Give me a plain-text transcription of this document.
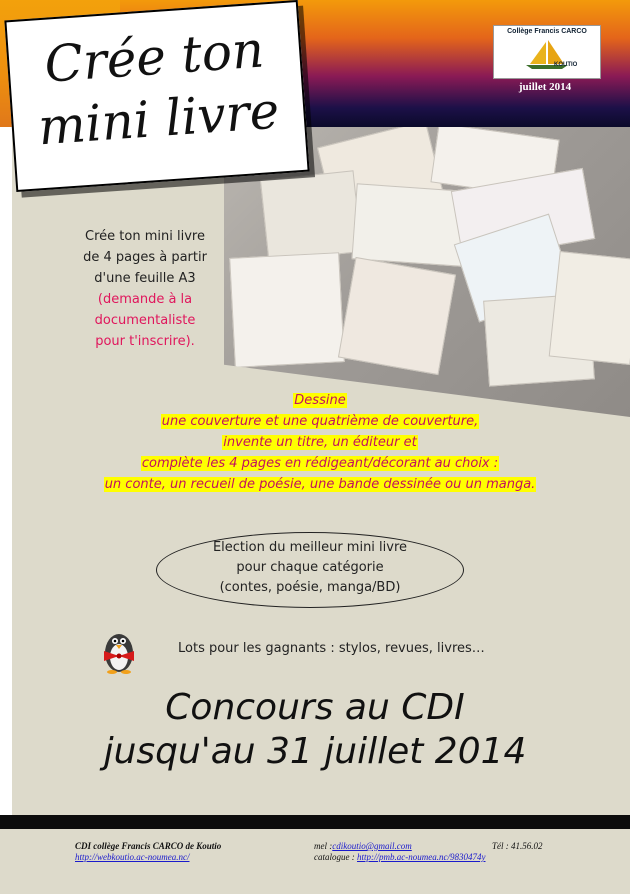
Crée ton
mini livre
Collège Francis CARCO
KOUTIO
juillet 2014
Crée ton mini livre
de 4 pages à partir
d'une feuille A3
(demande à la
documentaliste
pour t'inscrire).
Dessine
une couverture et une quatrième de couverture,
invente un titre, un éditeur et
complète les 4 pages en rédigeant/décorant au choix :
un conte, un recueil de poésie, une bande dessinée ou un manga.
Election du meilleur mini livre
pour chaque catégorie
(contes, poésie, manga/BD)
Lots pour les gagnants : stylos, revues, livres…
Concours au CDI
jusqu'au 31 juillet 2014
CDI collège Francis CARCO de Koutio
http://webkoutio.ac-noumea.nc/
mel :cdikoutio@gmail.com	Tél : 41.56.02
catalogue : http://pmb.ac-noumea.nc/9830474y
